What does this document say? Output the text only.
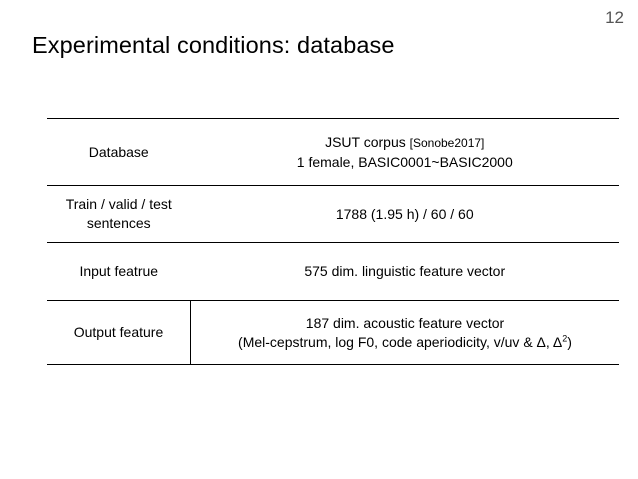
12
Experimental conditions: database
Database	JSUT corpus [Sonobe2017]
1 female, BASIC0001~BASIC2000

Train / valid / test
sentences	1788 (1.95 h) / 60 / 60
Input featrue	575 dim. linguistic feature vector
Output feature	187 dim. acoustic feature vector
(Mel-cepstrum, log F0, code aperiodicity, v/uv & Δ, $\Delta^2$)
